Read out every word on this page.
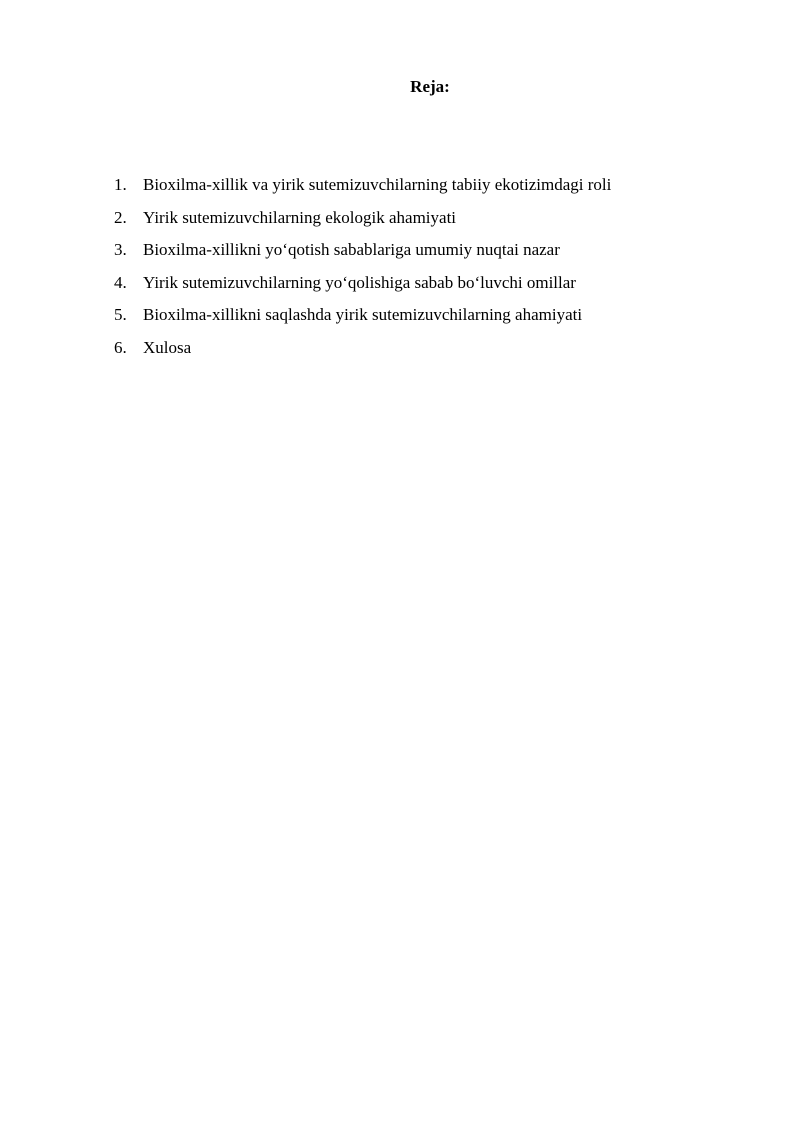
Reja:
1. Bioxilma-xillik va yirik sutemizuvchilarning tabiiy ekotizimdagi roli
2. Yirik sutemizuvchilarning ekologik ahamiyati
3. Bioxilma-xillikni yo‘qotish sabablariga umumiy nuqtai nazar
4. Yirik sutemizuvchilarning yo‘qolishiga sabab bo‘luvchi omillar
5. Bioxilma-xillikni saqlashda yirik sutemizuvchilarning ahamiyati
6. Xulosa
